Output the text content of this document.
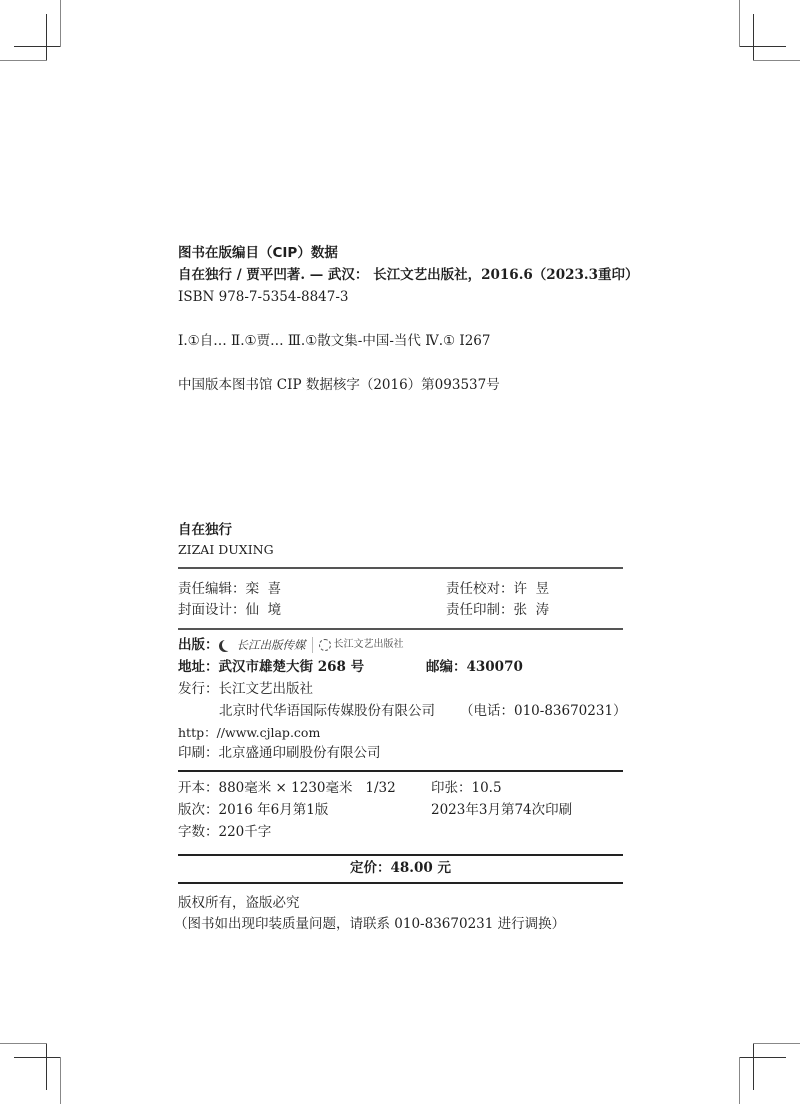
图书在版编目（CIP）数据
自在独行 / 贾平凹著. — 武汉： 长江文艺出版社，2016.6（2023.3重印）
ISBN 978-7-5354-8847-3
Ⅰ.①自… Ⅱ.①贾… Ⅲ.①散文集-中国-当代 Ⅳ.① I267
中国版本图书馆 CIP 数据核字（2016）第093537号
自在独行
ZIZAI DUXING
责任编辑：栾  喜	责任校对：许  昱
封面设计：仙  境	责任印制：张  涛
出版： 长江出版传媒	长江文艺出版社
地址：武汉市雄楚大街 268 号	邮编：430070
发行：长江文艺出版社
北京时代华语国际传媒股份有限公司 （电话：010-83670231）
http：//www.cjlap.com
印刷：北京盛通印刷股份有限公司
开本：880毫米 × 1230毫米   1/32	印张：10.5
版次：2016 年6月第1版	2023年3月第74次印刷
字数：220千字
定价：48.00 元
版权所有，盗版必究
（图书如出现印装质量问题，请联系 010-83670231 进行调换）
